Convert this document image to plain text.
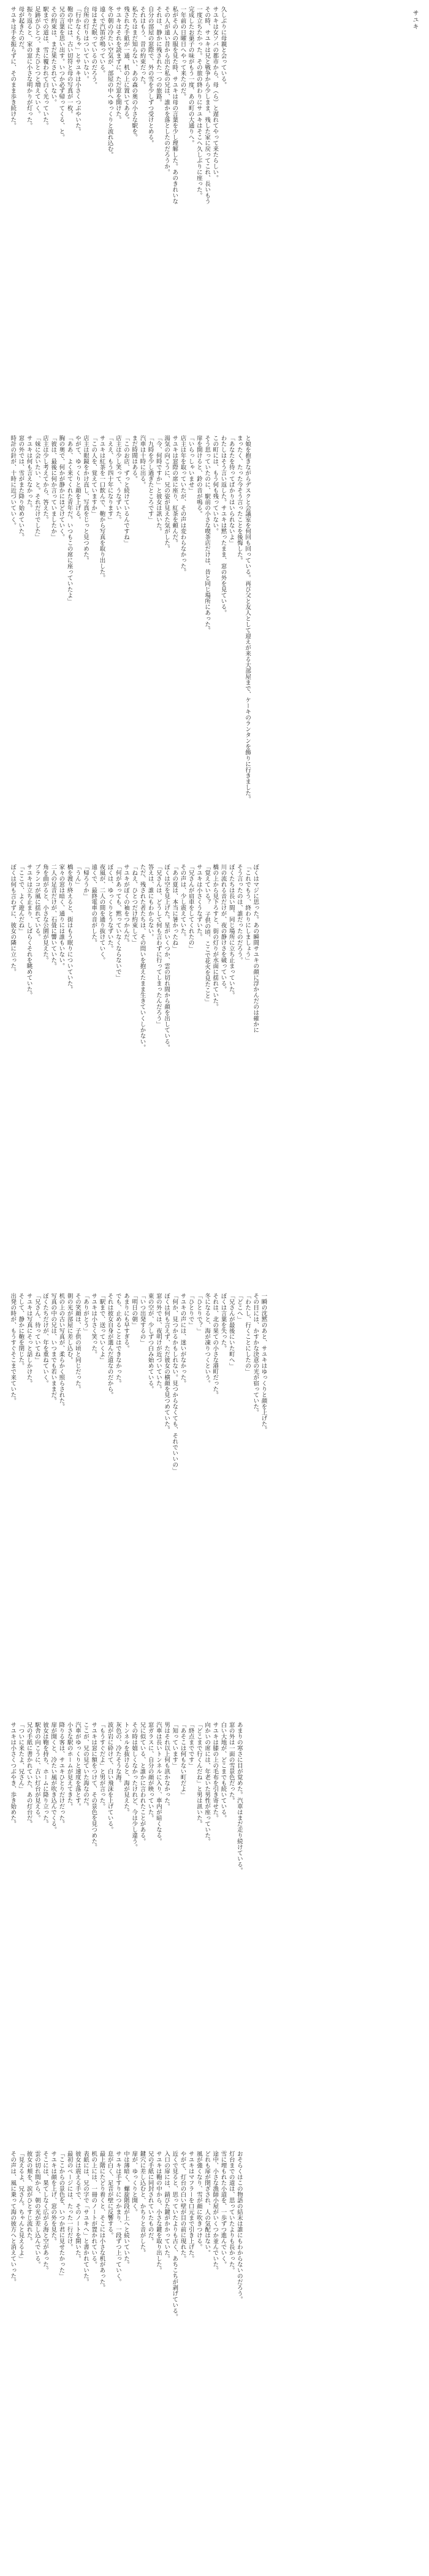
サユキ
久しぶりに母親と会っている。
サユキは女ソバの都市から、母（ら）と遅れてやって来たらしい。
その時、サユキは兄と戦争から少しまま、残した家に戻ってこれ、長いもう
一度立ちたかった。その旅の終わりにサユキはそこへ久しぶりに座った。
完成したお菓子の味がもう一度、あの町の大通りへ。
一年前の日曜日へやって来たのだ。
私がその人の服を見た時、サユキは母の言葉を少し理解した。あのきれいな
その人が遠い昔から出た私の兄は、誰かを落としたのだろうか。
それは、静かに残された一つの旅路。
自分の部屋の窓際で、外の雪を少しずつ受けとめる。
それはもう、昔の約束だった。
私たちはまだ知らない、あの森の奥の小さな駅を。
残された手紙が一通、机の上に置いてある。
サユキはそれを読まずに、ただ窓を開けた。
冬の朝の冷たい空気が、部屋の中へゆっくりと流れ込む。
遠くで汽笛が鳴っている。
母はまだ眠っているのだろう。
台所の灯りはついていない。
「行かなくちゃ」とサユキは小さくつぶやいた。
鞄の中には、古い切符と母の写真が一枚。
兄の言葉を思い出す。いつか必ず帰ってくる、と。
その約束は、まだ果たされていない。
駅までの道は、雪に覆われて白く光っていた。
足跡がひとつ、またひとつと増えていく。
振り返ると、家の窓に小さな明かりが灯った。
母が起きたのだ。
サユキは手を振らずに、そのまま歩き続けた。
と娘を抱きながらデスクと会議室を何回も回っている。再び父と友人として迎えが来る大部屋まで、ケーキのランタンを飾りに行きました。
まったく、たった今そう言ったことを後悔した。
「あなたを待ってばかりはいられないよ」
わたしはそう言い返した。サユキは黙ったまま、窓の外を見ている。
この町には、もう何も残っていない。
そう思っていたのに、駅前の小さな喫茶店だけは、昔と同じ場所にあった。
扉を開けると、鈴の音が鳴る。
「いらっしゃいませ」
店主は年を取っていたが、その声は変わらなかった。
サユキは窓際の席に座り、紅茶を頼んだ。
湯気の向こうに、兄の姿が見えた気がした。
「今、何時ですか」と彼女は訊いた。
「九時を少し過ぎたところです」
汽車は十時に出る。
まだ時間はある。
「このお店、ずっと続けているんですね」
店主は少し笑って、うなずいた。
「ええ、もう四十年になります」
サユキは紅茶を一口飲んで、鞄から写真を取り出した。
「この人を、覚えていますか」
店主は眼鏡をかけ直し、写真をじっと見つめた。
やがて、ゆっくりと顔を上げる。
「ああ、よく来てくれた青年だ。いつもこの席に座っていたよ」
胸の奥で、何かが静かにほどけていく。
「彼は、最後に何か言っていましたか」
店主は少し考えてから、答えた。
「妹に会いたい、と。それだけでした」
サユキは何も言えなかった。
窓の外では、雪がまた降り始めていた。
時計の針が、十時に近づいていく。
ぼくはマジに思った。あの瞬間サユキの顔に浮かんだのは確かに
「これでもう、終わりにしましょう」
そう言ったのは、誰だったのだろう。
ぼくたちは長い間、同じ場所に立ち止まっていた。
川の流れる音だけが、夜の静けさを破っている。
橋の上から見下ろすと、街の灯りが水面に揺れていた。
「覚えている？ 子供の頃、ここで花火を見たこと」
サユキは小さくうなずいた。
「兄さんが肩車をしてくれたの」
その声は、少し震えていた。
「あの夏は、本当に暑かったね」
ぼくは空を見上げた。星がいくつか、雲の切れ間から顔を出している。
「兄さんは、どうして何も言わずに行ってしまったんだろう」
答えは、誰にもわからない。
ただ、残された者たちは、その問いを抱えたまま生きていくしかない。
「ねえ、ひとつだけ約束して」
サユキがぼくの袖をつかんだ。
「何があっても、黙っていなくならないで」
ぼくは、ゆっくりとうなずいた。
夜風が、二人の間を通り抜けていく。
遠くで、最終電車の音がした。
「帰ろうか」
「うん」
橋を渡り終えると、街はもう眠りについていた。
家々の窓は暗く、通りには誰もいない。
二人の足音だけが、石畳に響いていた。
角を曲がると、小さな公園が見えた。
ブランコが風に揺れている。
サユキは立ち止まり、しばらくそれを眺めていた。
「ここで、よく遊んだね」
ぼくは何も言わずに、彼女の隣に立った。
一瞬の沈黙のあと、サユキはゆっくりと顔を上げた。
その目には、かすかな決意の光が宿っていた。
「わたし、行くことにしたの」
「どこへ」
「兄さんが最後にいた町へ」
ぼくは言葉を失った。
それは、北の果ての小さな港町だった。
冬になると、海が凍りつくという。
「ひとりで？」
「ひとりで」
サユキの声には、迷いがなかった。
「何か、見つかるかもしれない。見つからなくても、それでいいの」
ぼくは何も言えず、ただ彼女の横顔を見つめていた。
窓の外では、夜明けが近づいていた。
東の空が、少しずつ白み始めている。
「いつ出発するの」
「明日の朝」
あまりにも早すぎる。
でも、止めることはできなかった。
それは彼女自身が選んだ道なのだから。
「駅まで、送っていくよ」
サユキは小さく笑った。
「ありがとう」
その笑顔は、子供の頃と同じだった。
朝の光が部屋に差し込む。
机の上の古い写真が、柔らかく照らされた。
写真の中の兄は、いつまでも若いままだ。
ぼくたちだけが、年を重ねていく。
「兄さん、待っていてね」
サユキは写真にそっと話しかけた。
そして、静かに鞄を閉じた。
出発の時が、もうすぐそこまで来ていた。
あまりの寒さに目が覚めた。汽車はまだ走り続けている。
窓の外は一面の雪景色だった。
白い大地が、どこまでも続いている。
サユキは膝の上の毛布を引き寄せた。
向かいの席には、年老いた男性が座っていた。
「どこまで行くんだね」と男は訊いた。
「終点までです」
「あそこは何もない町だよ」
「知っています」
男はそれ以上何も訊かなかった。
汽車は長いトンネルに入り、車内が暗くなる。
窓ガラスに、自分の顔が映っていた。
兄に似ている、と誰かに言われたことがある。
その時は嬉しくなかったけれど、今は少し違う。
トンネルを抜けると、海が見えた。
灰色の、冷たそうな海。
波が岩に砕けて、白い飛沫を上げている。
「もうすぐだよ」と男が言った。
サユキは窓に額をつけて、その景色を見つめた。
ここが、兄の見ていた海なのだ。
汽車がゆっくりと速度を落とす。
小さな駅のホームが見えてきた。
降りる客は、サユキひとりだけだった。
扉が開くと、冷たい風が吹き込んでくる。
彼女は鞄を持ち、ホームに降り立った。
駅舎の向こうに、古い灯台が見える。
兄の手紙に書かれていた、あの灯台だ。
「ついに来たよ、兄さん」
サユキは小さくつぶやき、歩き始めた。
おそらくはこの物語の結末は誰にもわからないのだろう。
灯台までの道は、思っていたよりも長かった。
雪に埋もれた小道を、一歩ずつ進んでいく。
途中、小さな漁師小屋がいくつか並んでいた。
どれも扉が閉ざされ、人の気配はない。
風が強くなり、雪が顔に吹きつける。
サユキはマフラーを口元まで引き上げた。
やがて、灯台の白い壁が目の前に現れた。
近くで見ると、思っていたよりも古く、あちこちが剥げている。
入口の扉には、錆びた鍵がかかっていた。
サユキは鞄の中から、小さな鍵を取り出した。
兄の手紙に同封されていたものだ。
鍵穴に差し込むと、かちりと音がした。
扉が、ゆっくりと開く。
中は薄暗く、螺旋階段が上へと続いていた。
サユキは手すりにつかまり、一段ずつ上っていく。
息が白く、足音が壁に反響する。
最上階にたどり着くと、そこには小さな机があった。
机の上には、一冊のノートが置かれている。
表紙には、兄の字で「サユキへ」と書かれていた。
彼女は震える手で、そのノートを開いた。
最初のページには、たった一行だけ。
「ここからの景色を、いつか君に見せたかった」
サユキは顔を上げ、窓の外を見た。
そこには、果てしなく広がる海と空があった。
雲の切れ間から、朝の光が差し込んでいる。
彼女の頬を、涙がひとすじ流れた。
「見えるよ、兄さん。ちゃんと見えるよ」
その声は、風に乗って海の彼方へと消えていった。
